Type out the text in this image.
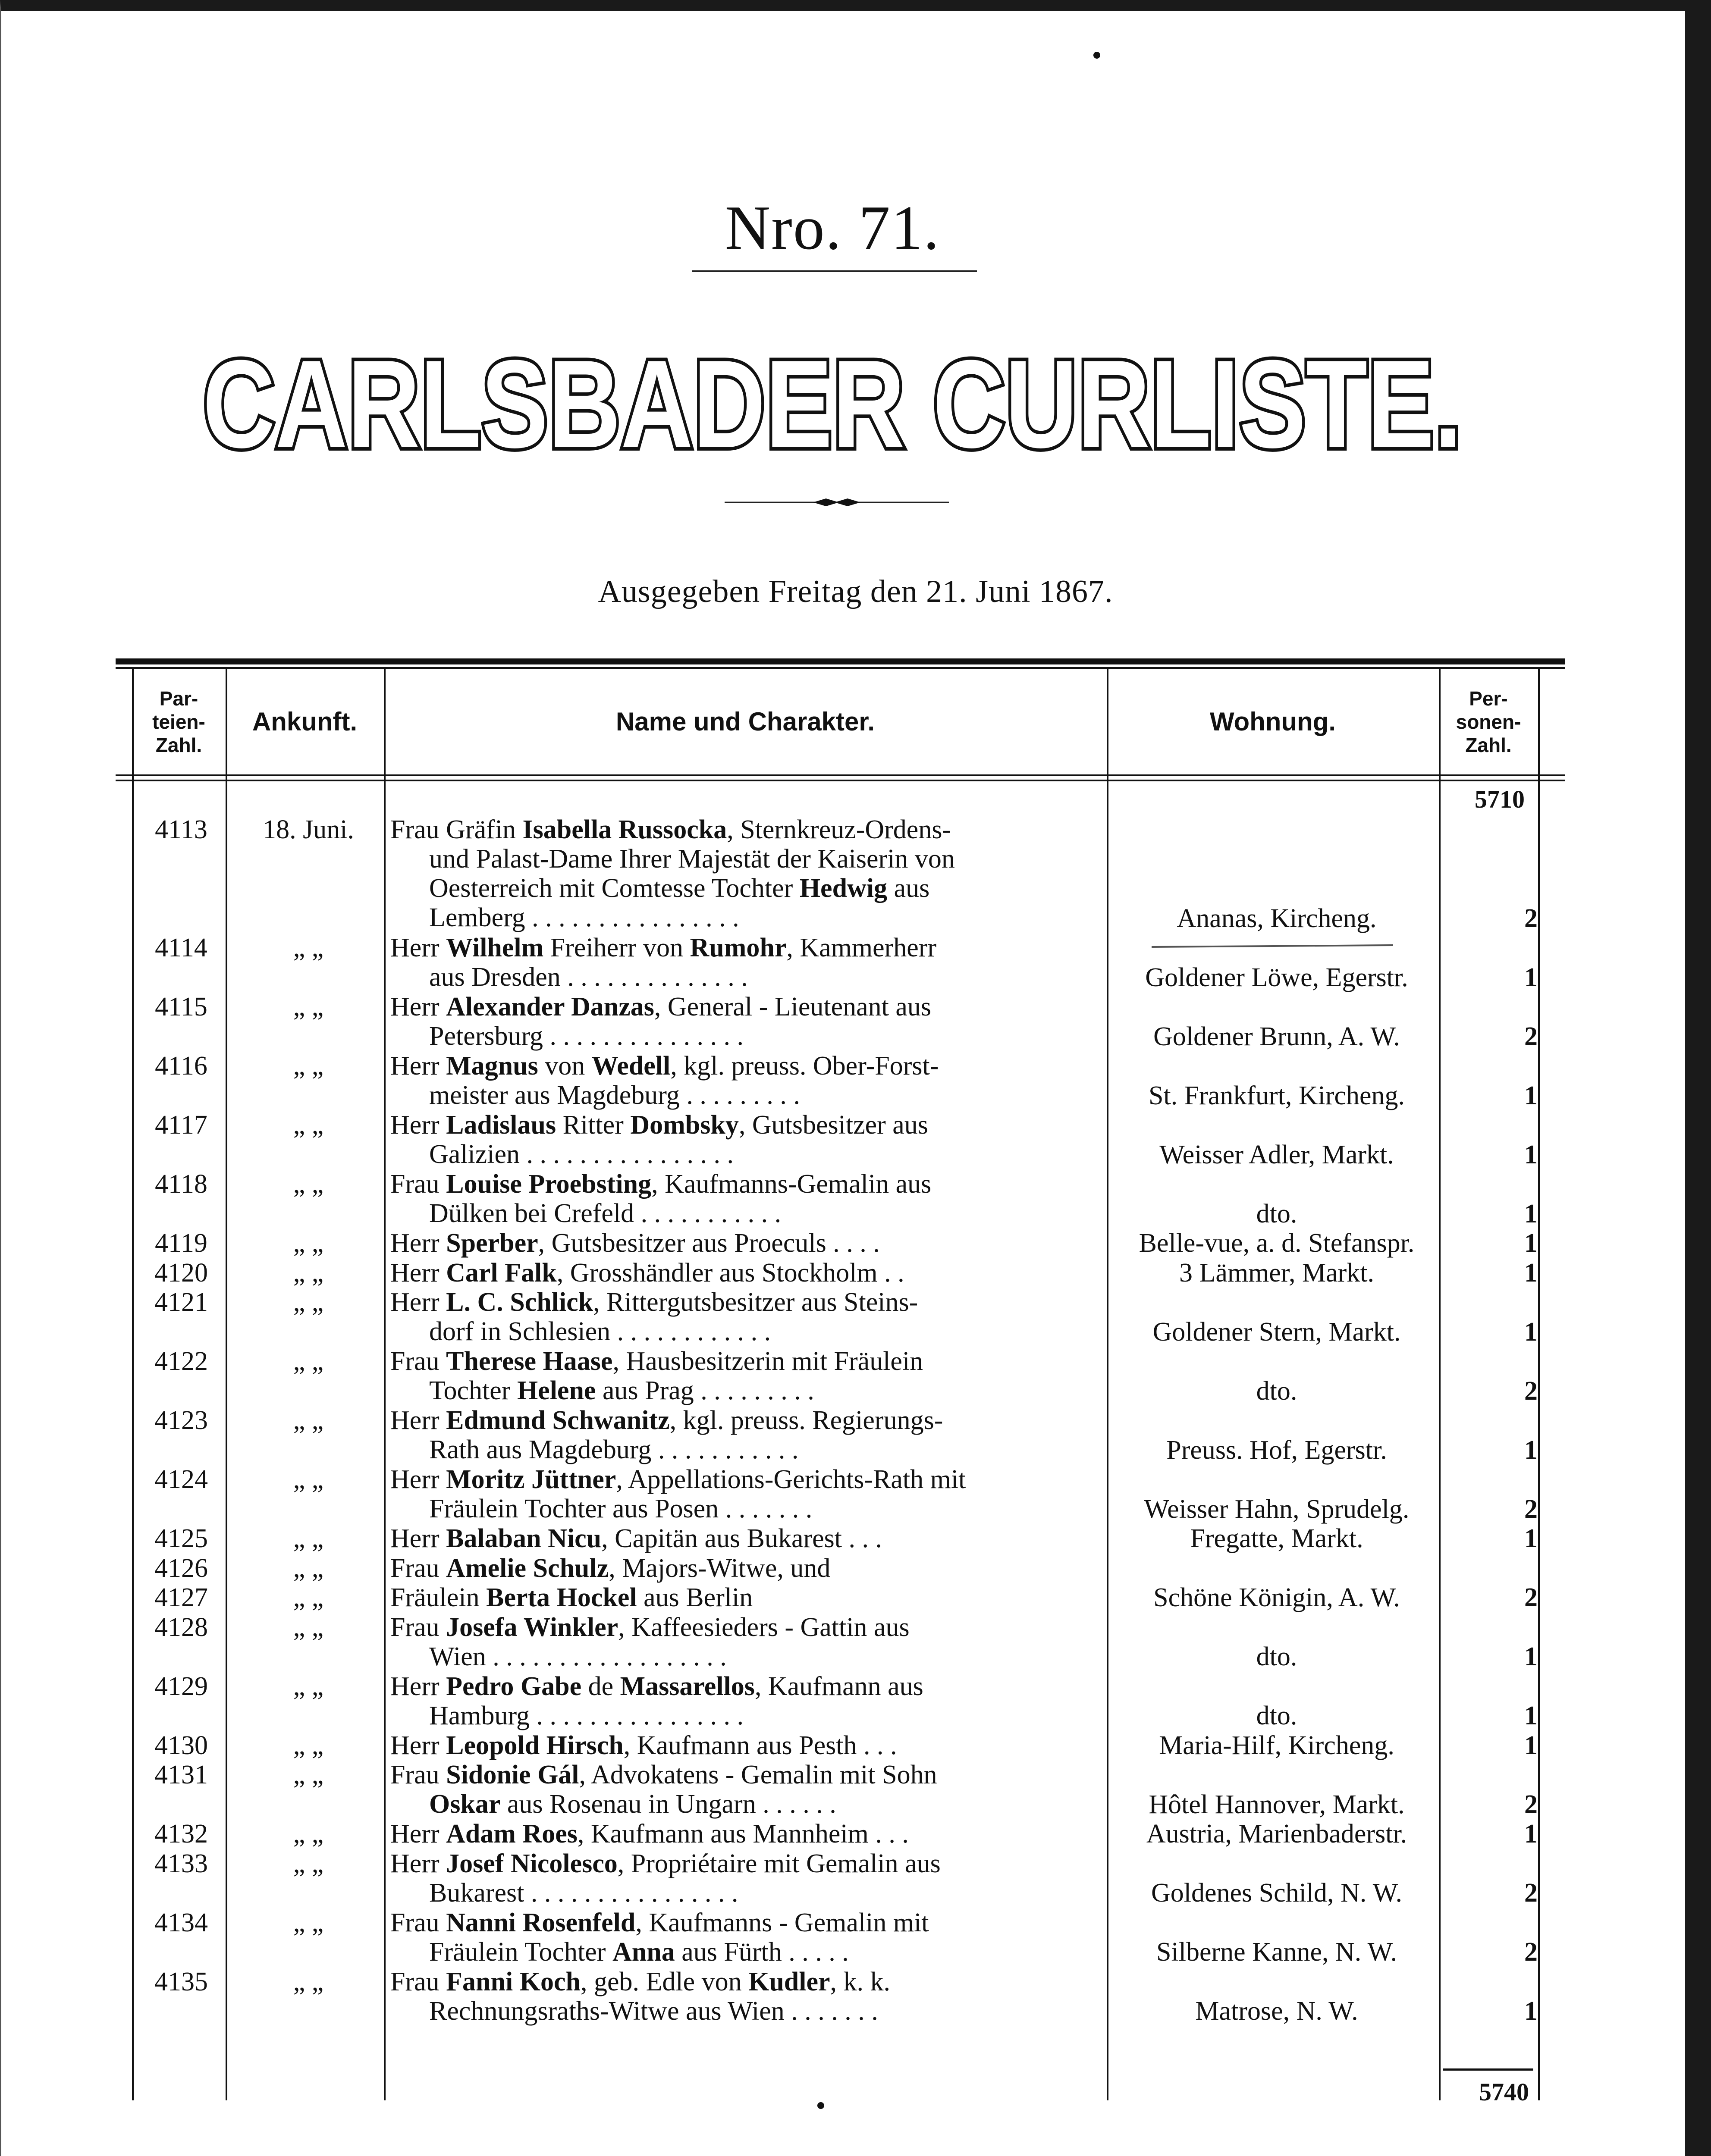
Nro. 71.
CARLSBADER CURLISTE.
Ausgegeben Freitag den 21. Juni 1867.
Par-
teien-
Zahl.
Ankunft.	Name und Charakter.	Wohnung.
Per-
sonen-
Zahl.
5710
4113	18. Juni.	Frau Gräfin Isabella Russocka, Sternkreuz-Ordens-
und Palast-Dame Ihrer Majestät der Kaiserin von
Oesterreich mit Comtesse Tochter Hedwig aus
Lemberg . . . . . . . . . . . . . . . .	Ananas, Kircheng.	2
4114	„ „	Herr Wilhelm Freiherr von Rumohr, Kammerherr
aus Dresden . . . . . . . . . . . . . .	Goldener Löwe, Egerstr.	1
4115	„ „	Herr Alexander Danzas, General - Lieutenant aus
Petersburg . . . . . . . . . . . . . . .	Goldener Brunn, A. W.	2
4116	„ „	Herr Magnus von Wedell, kgl. preuss. Ober-Forst-
meister aus Magdeburg . . . . . . . . .	St. Frankfurt, Kircheng.	1
4117	„ „	Herr Ladislaus Ritter Dombsky, Gutsbesitzer aus
Galizien . . . . . . . . . . . . . . . .	Weisser Adler, Markt.	1
4118	„ „	Frau Louise Proebsting, Kaufmanns-Gemalin aus
Dülken bei Crefeld . . . . . . . . . . .	dto.	1
4119	„ „	Herr Sperber, Gutsbesitzer aus Proeculs . . . .	Belle-vue, a. d. Stefanspr.	1
4120	„ „	Herr Carl Falk, Grosshändler aus Stockholm . .	3 Lämmer, Markt.	1
4121	„ „	Herr L. C. Schlick, Rittergutsbesitzer aus Steins-
dorf in Schlesien . . . . . . . . . . . .	Goldener Stern, Markt.	1
4122	„ „	Frau Therese Haase, Hausbesitzerin mit Fräulein
Tochter Helene aus Prag . . . . . . . . .	dto.	2
4123	„ „	Herr Edmund Schwanitz, kgl. preuss. Regierungs-
Rath aus Magdeburg . . . . . . . . . . .	Preuss. Hof, Egerstr.	1
4124	„ „	Herr Moritz Jüttner, Appellations-Gerichts-Rath mit
Fräulein Tochter aus Posen . . . . . . .	Weisser Hahn, Sprudelg.	2
4125	„ „	Herr Balaban Nicu, Capitän aus Bukarest . . .	Fregatte, Markt.	1
4126	„ „	Frau Amelie Schulz, Majors-Witwe, und
4127	„ „	Fräulein Berta Hockel aus Berlin	Schöne Königin, A. W.	2
4128	„ „	Frau Josefa Winkler, Kaffeesieders - Gattin aus
Wien . . . . . . . . . . . . . . . . . .	dto.	1
4129	„ „	Herr Pedro Gabe de Massarellos, Kaufmann aus
Hamburg . . . . . . . . . . . . . . . .	dto.	1
4130	„ „	Herr Leopold Hirsch, Kaufmann aus Pesth . . .	Maria-Hilf, Kircheng.	1
4131	„ „	Frau Sidonie Gál, Advokatens - Gemalin mit Sohn
Oskar aus Rosenau in Ungarn . . . . . .	Hôtel Hannover, Markt.	2
4132	„ „	Herr Adam Roes, Kaufmann aus Mannheim . . .	Austria, Marienbaderstr.	1
4133	„ „	Herr Josef Nicolesco, Propriétaire mit Gemalin aus
Bukarest . . . . . . . . . . . . . . . .	Goldenes Schild, N. W.	2
4134	„ „	Frau Nanni Rosenfeld, Kaufmanns - Gemalin mit
Fräulein Tochter Anna aus Fürth . . . . .	Silberne Kanne, N. W.	2
4135	„ „	Frau Fanni Koch, geb. Edle von Kudler, k. k.
Rechnungsraths-Witwe aus Wien . . . . . . .	Matrose, N. W.	1
5740
